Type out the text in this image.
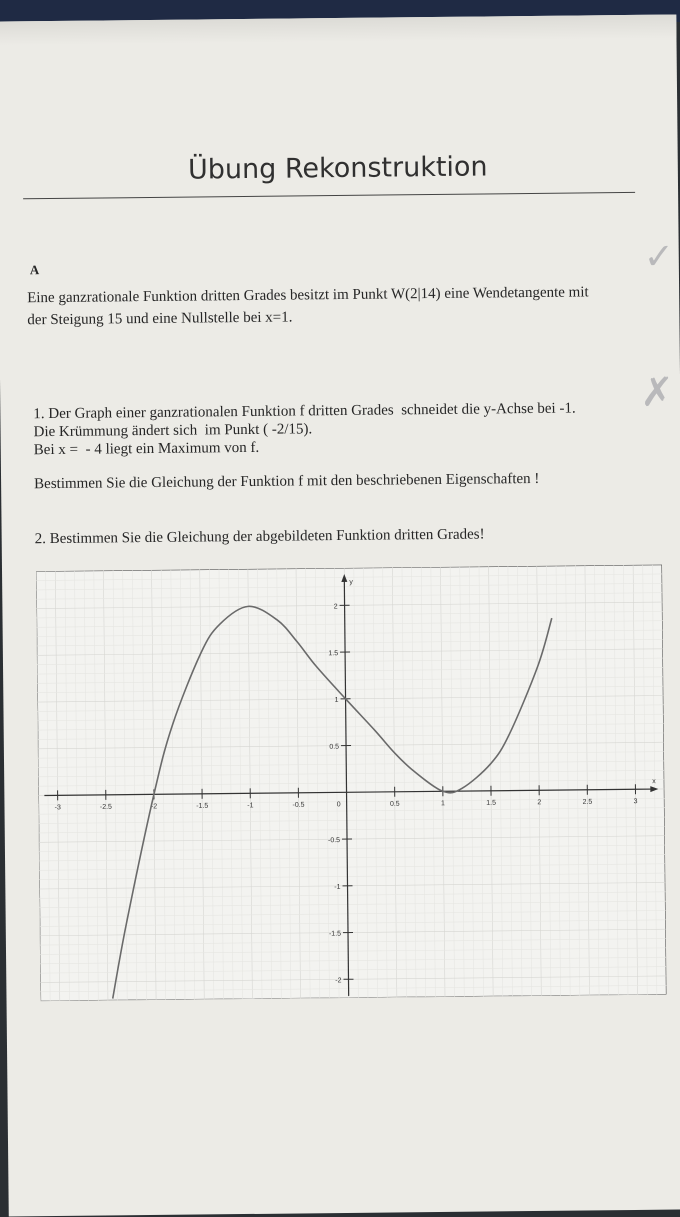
Übung Rekonstruktion
A
Eine ganzrationale Funktion dritten Grades besitzt im Punkt W(2|14) eine Wendetangente mit
der Steigung 15 und eine Nullstelle bei x=1.
✓
1. Der Graph einer ganzrationalen Funktion f dritten Grades  schneidet die y-Achse bei -1.
Die Krümmung ändert sich  im Punkt ( -2/15).
Bei x =  - 4 liegt ein Maximum von f.
Bestimmen Sie die Gleichung der Funktion f mit den beschriebenen Eigenschaften !
✗
2. Bestimmen Sie die Gleichung der abgebildeten Funktion dritten Grades!
x
y
-3	-2.5	-2	-1.5	-1	-0.5	0	0.5	1	1.5	2	2.5	3
2
1.5
1
0.5
-0.5
-1
-1.5
-2
